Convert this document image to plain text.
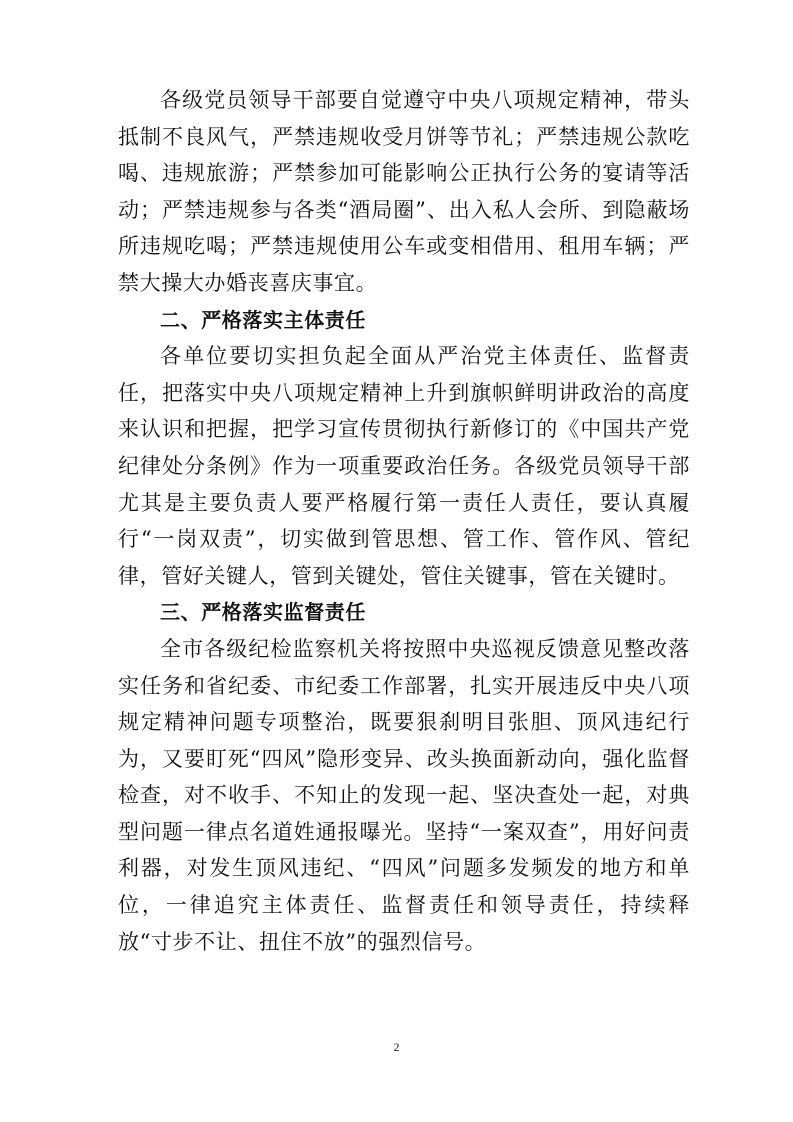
各级党员领导干部要自觉遵守中央八项规定精神，带头抵制不良风气，严禁违规收受月饼等节礼；严禁违规公款吃喝、违规旅游；严禁参加可能影响公正执行公务的宴请等活动；严禁违规参与各类“酒局圈”、出入私人会所、到隐蔽场所违规吃喝；严禁违规使用公车或变相借用、租用车辆；严禁大操大办婚丧喜庆事宜。

二、严格落实主体责任

各单位要切实担负起全面从严治党主体责任、监督责任，把落实中央八项规定精神上升到旗帜鲜明讲政治的高度来认识和把握，把学习宣传贯彻执行新修订的《中国共产党纪律处分条例》作为一项重要政治任务。各级党员领导干部尤其是主要负责人要严格履行第一责任人责任，要认真履行“一岗双责”，切实做到管思想、管工作、管作风、管纪律，管好关键人，管到关键处，管住关键事，管在关键时。

三、严格落实监督责任

全市各级纪检监察机关将按照中央巡视反馈意见整改落实任务和省纪委、市纪委工作部署，扎实开展违反中央八项规定精神问题专项整治，既要狠刹明目张胆、顶风违纪行为，又要盯死“四风”隐形变异、改头换面新动向，强化监督检查，对不收手、不知止的发现一起、坚决查处一起，对典型问题一律点名道姓通报曝光。坚持“一案双查”，用好问责利器，对发生顶风违纪、“四风”问题多发频发的地方和单位，一律追究主体责任、监督责任和领导责任，持续释放“寸步不让、扭住不放”的强烈信号。

2
